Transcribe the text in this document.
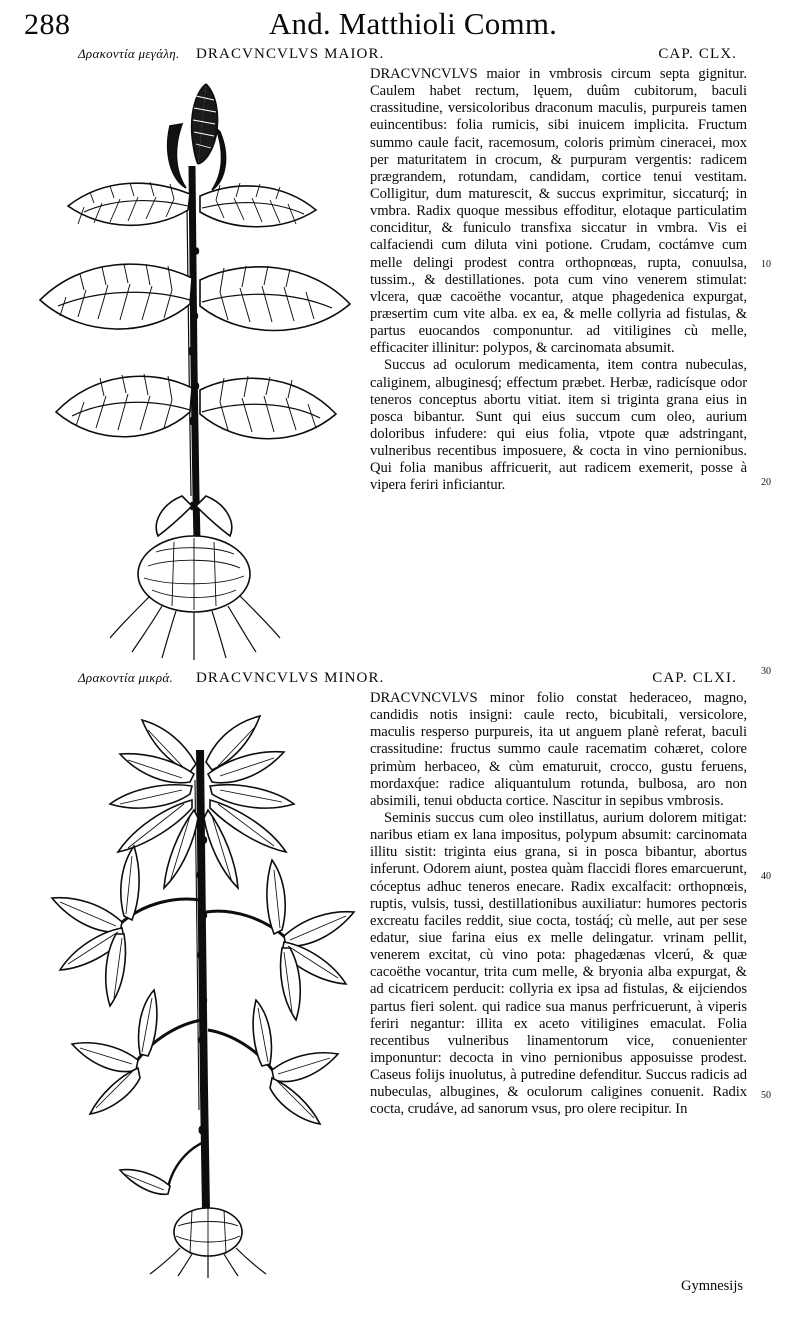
288	And. Matthioli Comm.
Δρακοντία μεγάλη.	DRACVNCVLVS MAIOR.	CAP. CLX.

DRACVNCVLVS maior in vmbrosis circum septa gignitur. Caulem habet rectum, lęuem, duûm cubitorum, baculi crassitudine, versicoloribus draconum maculis, purpureis tamen euincentibus: folia rumicis, sibi inuicem implicita. Fructum summo caule facit, racemosum, coloris primùm cineracei, mox per maturitatem in crocum, & purpuram vergentis: radicem prægrandem, rotundam, candidam, cortice tenui vestitam. Colligitur, dum maturescit, & succus exprimitur, siccaturq́; in vmbra. Radix quoque messibus effoditur, elotaque particulatim conciditur, & funiculo transfixa siccatur in vmbra. Vis ei calfaciendi cum diluta vini potione. Crudam, coctámve cum melle delingi prodest contra orthopnœas, rupta, conuulsa, tussim., & destillationes. pota cum vino venerem stimulat: vlcera, quæ cacoëthe vocantur, atque phagedenica expurgat, præsertim cum vite alba. ex ea, & melle collyria ad fistulas, & partus euocandos componuntur. ad vitiligines cù melle, efficaciter illinitur: polypos, & carcinomata absumit.

Succus ad oculorum medicamenta, item contra nubeculas, caliginem, albuginesq́; effectum præbet. Herbæ, radicísque odor teneros conceptus abortu vitiat. item si triginta grana eius in posca bibantur. Sunt qui eius succum cum oleo, aurium doloribus infudere: qui eius folia, vtpote quæ adstringant, vulneribus recentibus imposuere, & cocta in vino pernionibus. Qui folia manibus affricuerit, aut radicem exemerit, posse à vipera feriri inficiantur.

10
20
30
Δρακοντία μικρά.	DRACVNCVLVS MINOR.	CAP. CLXI.

DRACVNCVLVS minor folio constat hederaceo, magno, candidis notis insigni: caule recto, bicubitali, versicolore, maculis resperso purpureis, ita ut anguem planè referat, baculi crassitudine: fructus summo caule racematim cohæret, colore primùm herbaceo, & cùm ematuruit, crocco, gustu feruens, mordaxq́ue: radice aliquantulum rotunda, bulbosa, aro non absimili, tenui obducta cortice. Nascitur in sepibus vmbrosis.

Seminis succus cum oleo instillatus, aurium dolorem mitigat: naribus etiam ex lana impositus, polypum absumit: carcinomata illitu sistit: triginta eius grana, si in posca bibantur, abortus inferunt. Odorem aiunt, postea quàm flaccidi flores emarcuerunt, cóceptus adhuc teneros enecare. Radix excalfacit: orthopnœis, ruptis, vulsis, tussi, destillationibus auxiliatur: humores pectoris excreatu faciles reddit, siue cocta, tostáq́; cù melle, aut per sese edatur, siue farina eius ex melle delingatur. vrinam pellit, venerem excitat, cù vino pota: phagedænas vlcerú, & quæ cacoëthe vocantur, trita cum melle, & bryonia alba expurgat, & ad cicatricem perducit: collyria ex ipsa ad fistulas, & eijciendos partus fieri solent. qui radice sua manus perfricuerunt, à viperis feriri negantur: illita ex aceto vitiligines emaculat. Folia recentibus vulneribus linamentorum vice, conuenienter imponuntur: decocta in vino pernionibus apposuisse prodest. Caseus folijs inuolutus, à putredine defenditur. Succus radicis ad nubeculas, albugines, & oculorum caligines conuenit. Radix cocta, crudáve, ad sanorum vsus, pro olere recipitur. In

40
50
Gymnesijs
